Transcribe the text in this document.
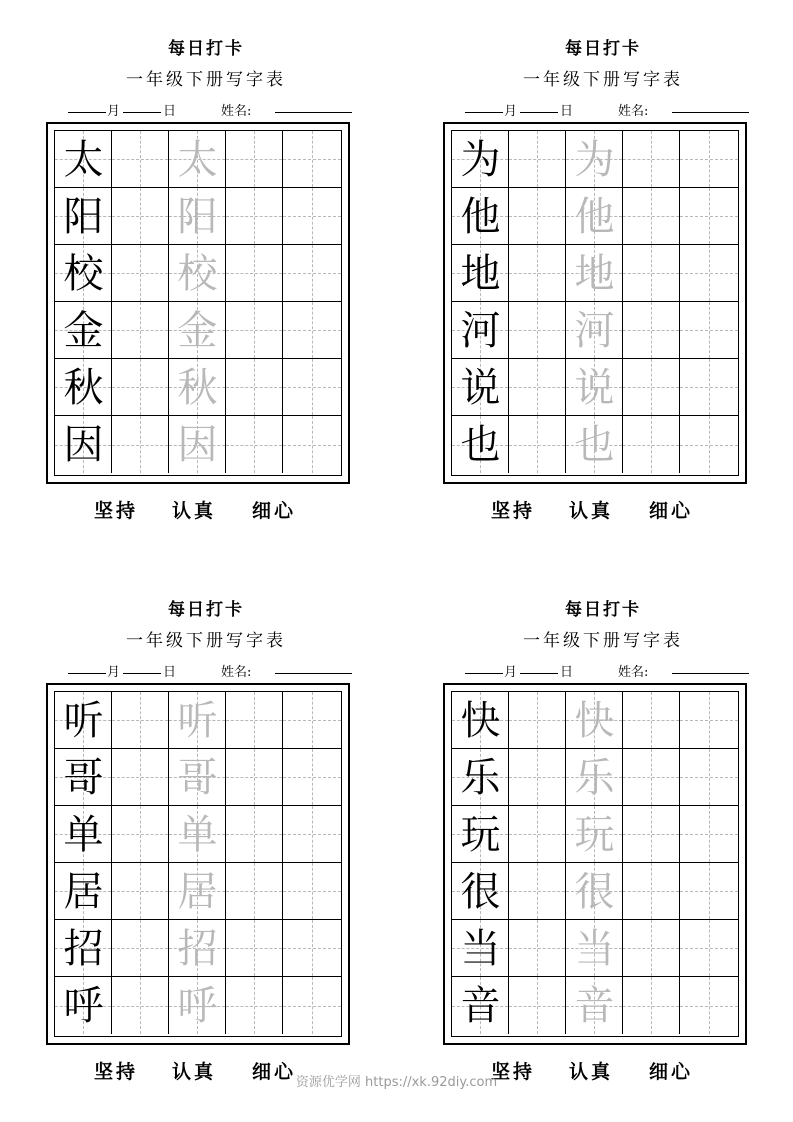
每日打卡
一年级下册写字表
月	日	姓名:
太 太
阳 阳
校 校
金 金
秋 秋
因 因
坚持 认真 细心
每日打卡
一年级下册写字表
月	日	姓名:
为 为
他 他
地 地
河 河
说 说
也 也
坚持 认真 细心
每日打卡
一年级下册写字表
月	日	姓名:
听 听
哥 哥
单 单
居 居
招 招
呼 呼
坚持 认真 细心
每日打卡
一年级下册写字表
月	日	姓名:
快 快
乐 乐
玩 玩
很 很
当 当
音 音
坚持 认真 细心
资源优学网 https://xk.92diy.com
